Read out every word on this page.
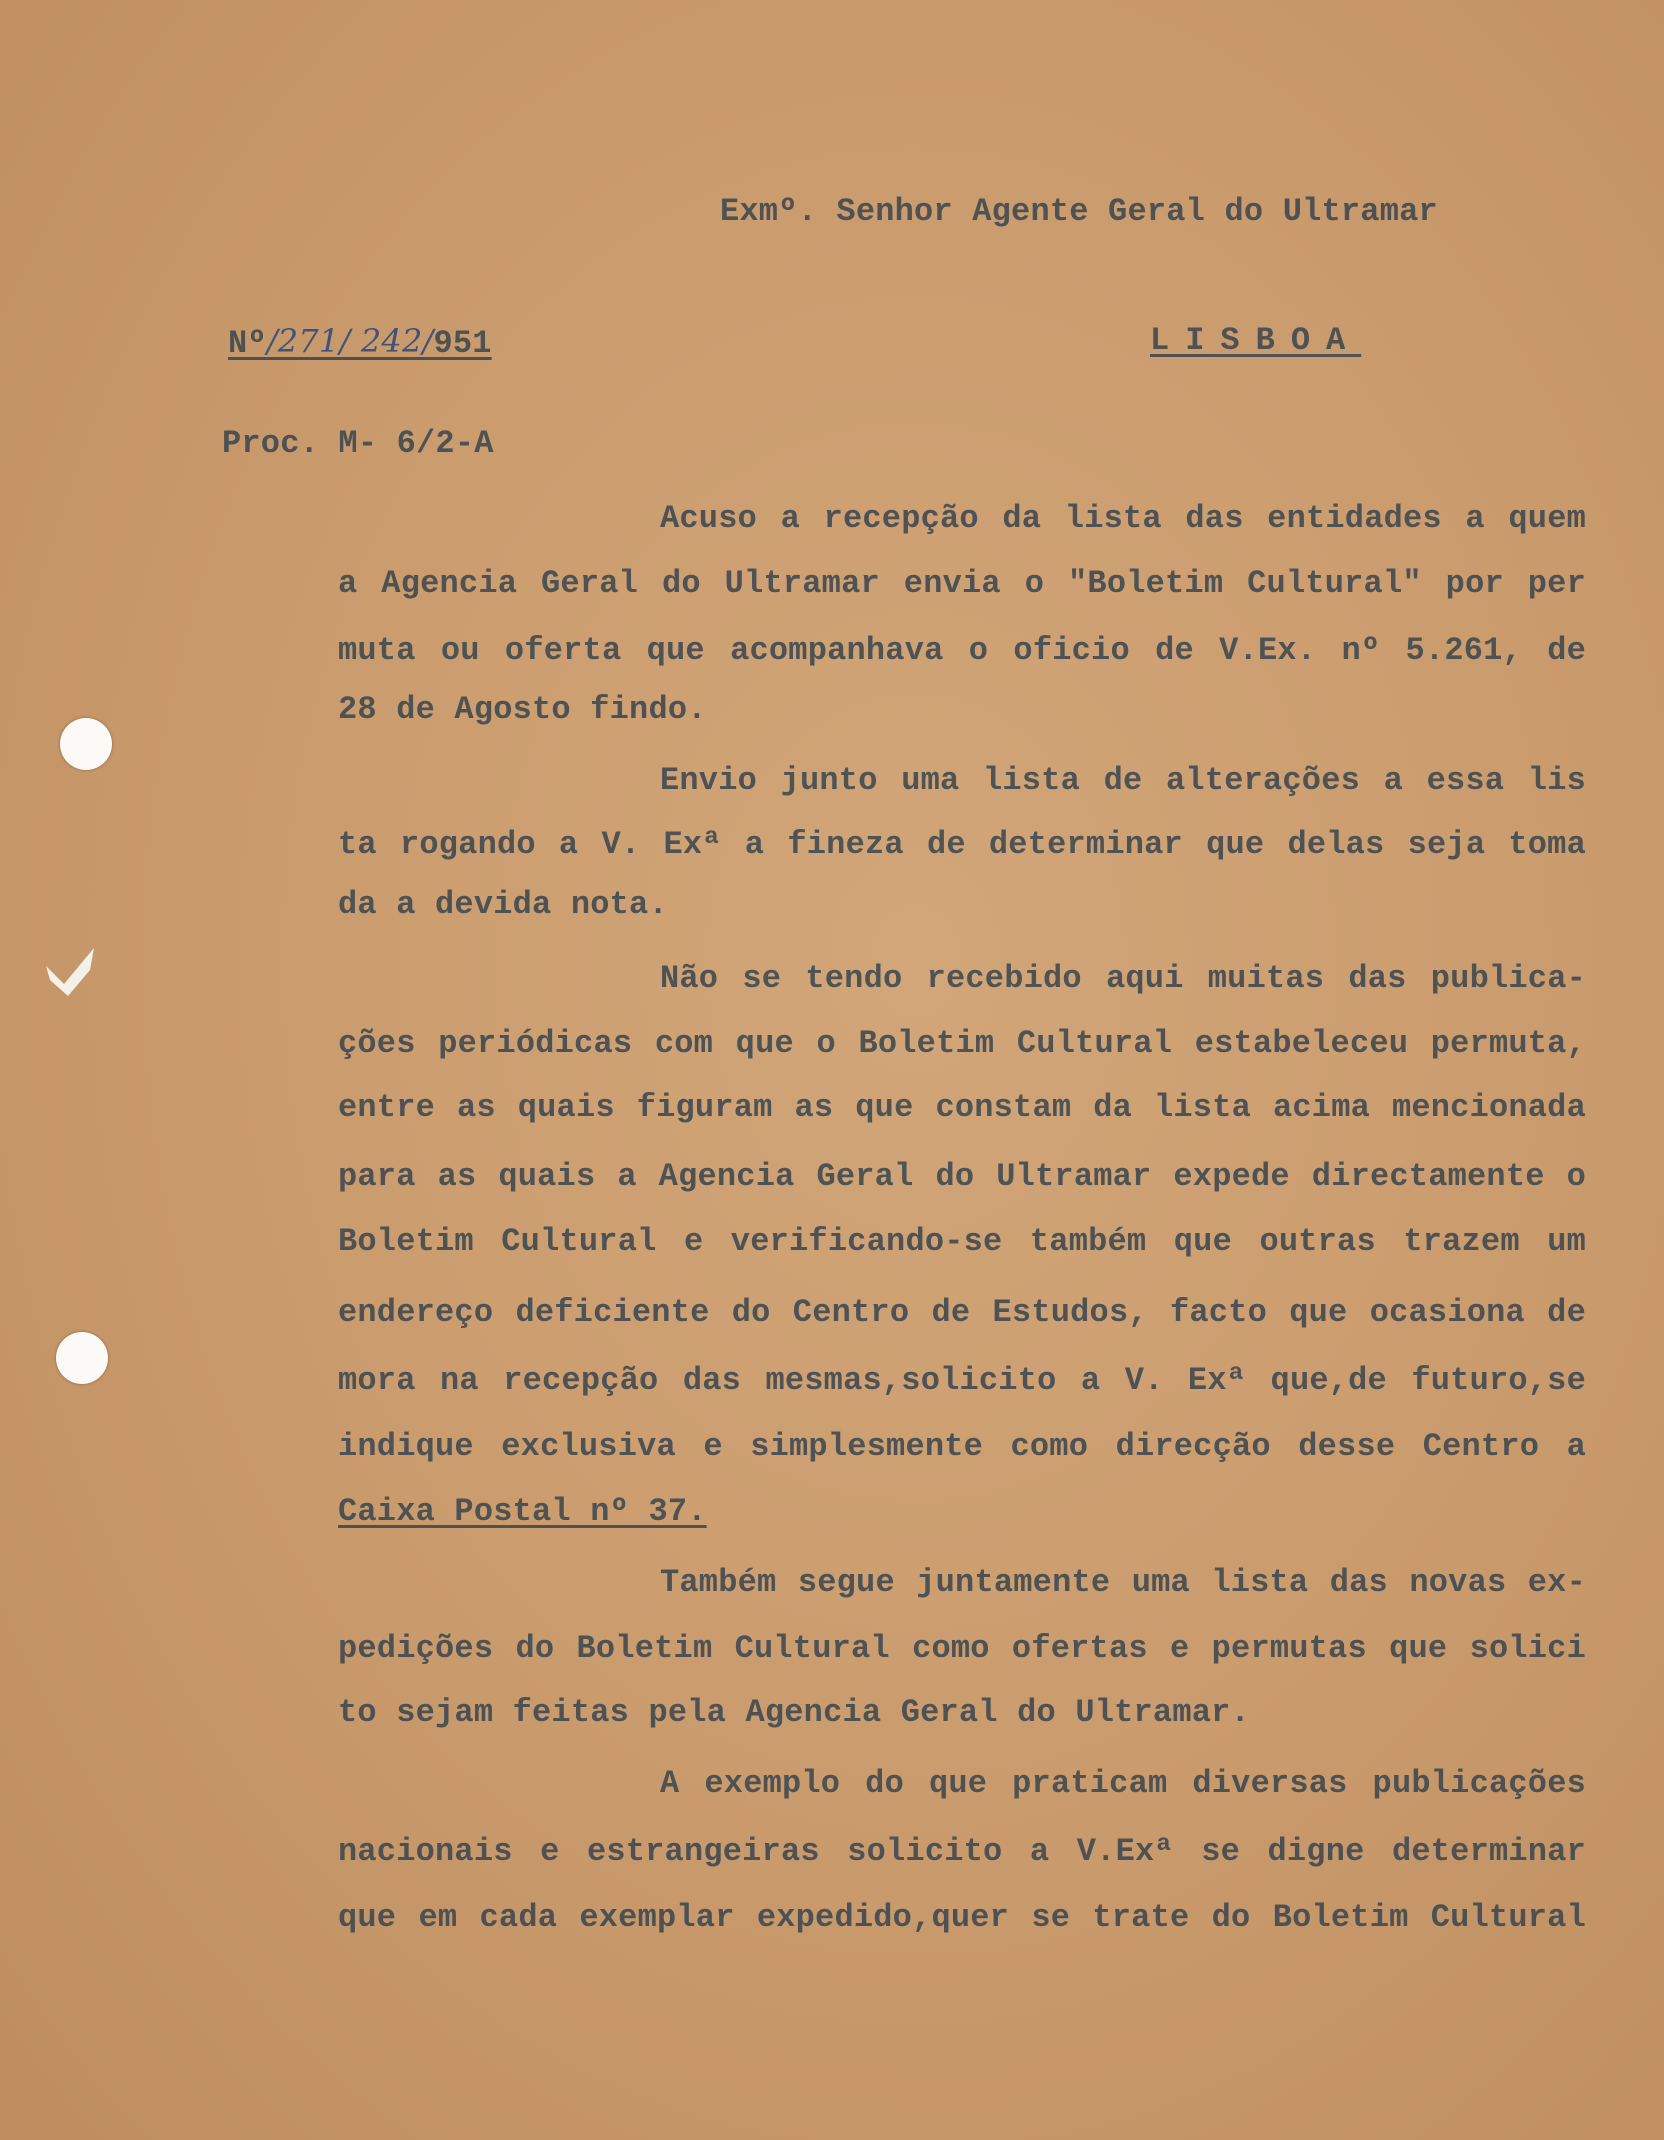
Exmº. Senhor Agente Geral do Ultramar
Nº/271/ 242/951	LISBOA
Proc. M- 6/2-A
Acuso a recepção da lista das entidades a quem
a Agencia Geral do Ultramar envia o "Boletim Cultural" por per
muta ou oferta que acompanhava o oficio de V.Ex. nº 5.261, de
28 de Agosto findo.
Envio junto uma lista de alterações a essa lis
ta rogando a V. Exª a fineza de determinar que delas seja toma
da a devida nota.
Não se tendo recebido aqui muitas das publica-
ções periódicas com que o Boletim Cultural estabeleceu permuta,
entre as quais figuram as que constam da lista acima mencionada
para as quais a Agencia Geral do Ultramar expede directamente o
Boletim Cultural e verificando-se também que outras trazem um
endereço deficiente do Centro de Estudos, facto que ocasiona de
mora na recepção das mesmas,solicito a V. Exª que,de futuro,se
indique exclusiva e simplesmente como direcção desse Centro a
Caixa Postal nº 37.
Também segue juntamente uma lista das novas ex-
pedições do Boletim Cultural como ofertas e permutas que solici
to sejam feitas pela Agencia Geral do Ultramar.
A exemplo do que praticam diversas publicações
nacionais e estrangeiras solicito a V.Exª se digne determinar
que em cada exemplar expedido,quer se trate do Boletim Cultural
